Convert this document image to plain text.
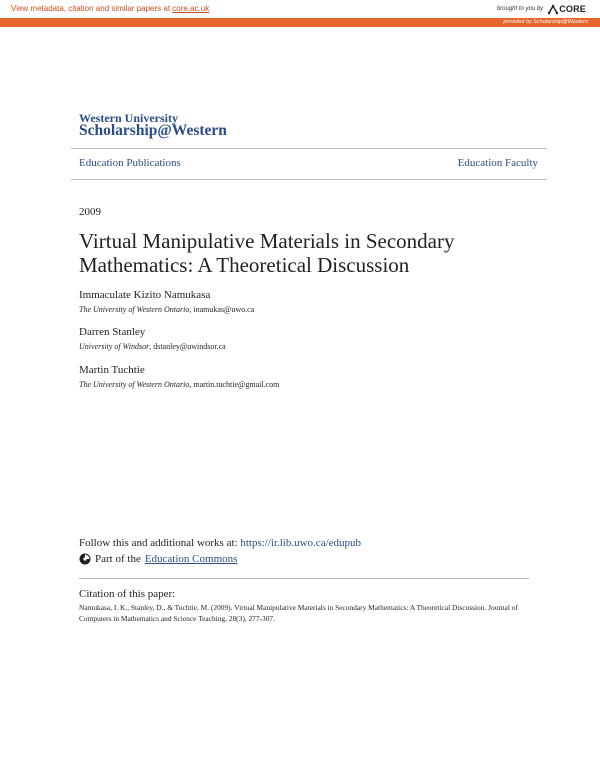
View metadata, citation and similar papers at core.ac.uk	brought to you by CORE
provided by Scholarship@Western
Western University
Scholarship@Western
Education Publications	Education Faculty
2009
Virtual Manipulative Materials in Secondary Mathematics: A Theoretical Discussion
Immaculate Kizito Namukasa
The University of Western Ontario, inamukas@uwo.ca
Darren Stanley
University of Windsor, dstanley@uwindsor.ca
Martin Tuchtie
The University of Western Ontario, martin.tuchtie@gmail.com
Follow this and additional works at: https://ir.lib.uwo.ca/edupub
Part of the Education Commons
Citation of this paper:
Namukasa, I. K., Stanley, D., & Tuchtie, M. (2009). Virtual Manipulative Materials in Secondary Mathematics: A Theoretical Discussion. Journal of Computers in Mathematics and Science Teaching, 28(3), 277-307.
